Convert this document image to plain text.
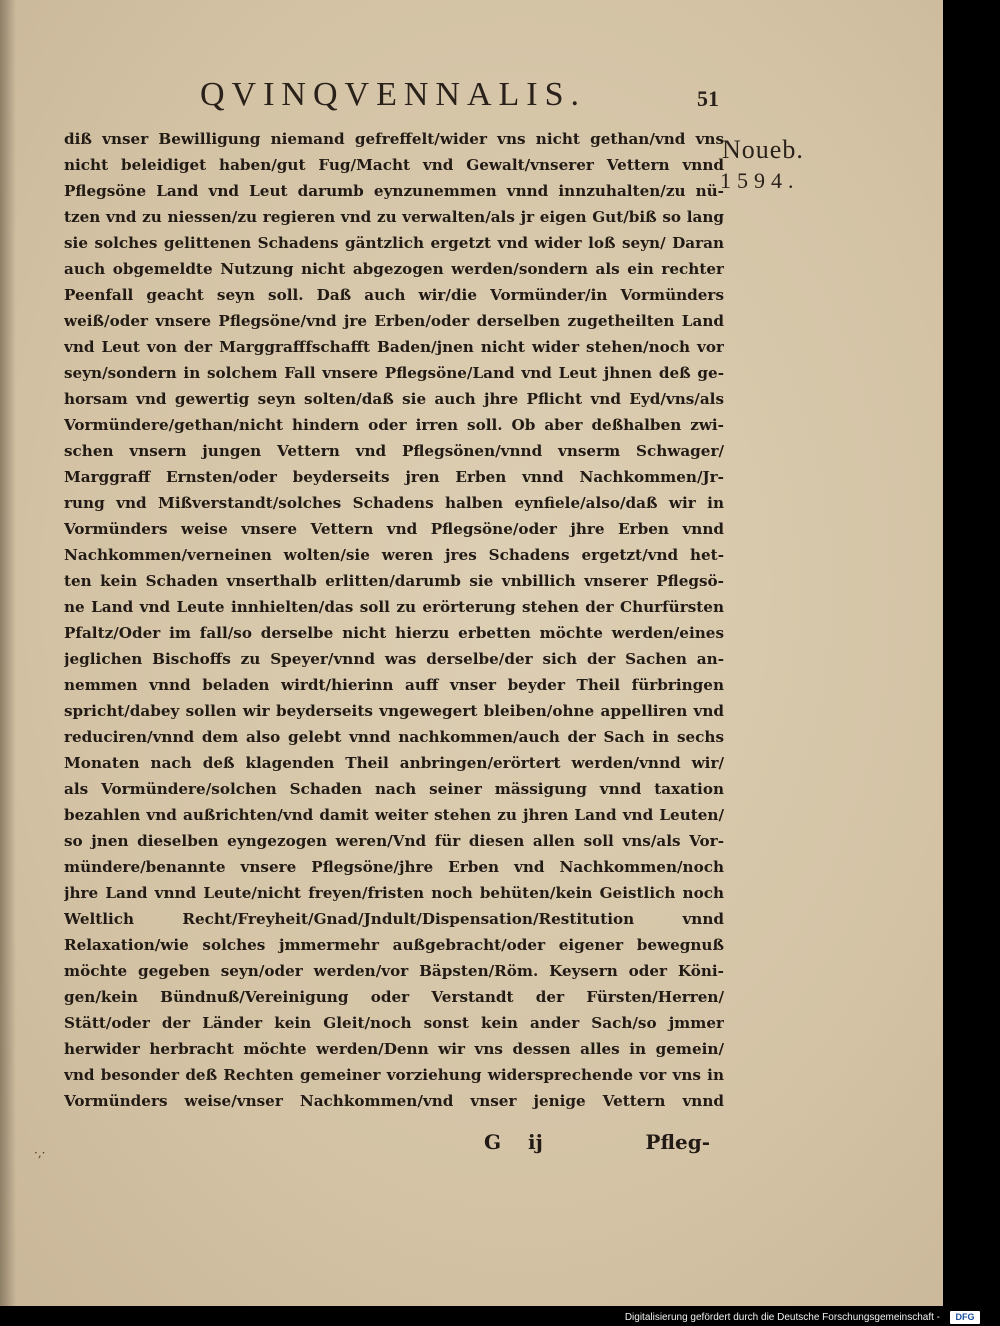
QVINQVENNALIS.	51
Noueb.
1594.
diß vnser Bewilligung niemand gefreffelt/wider vns nicht gethan/vnd vns
nicht beleidiget haben/gut Fug/Macht vnd Gewalt/vnserer Vettern vnnd
Pflegsöne Land vnd Leut darumb eynzunemmen vnnd innzuhalten/zu nü-
tzen vnd zu niessen/zu regieren vnd zu verwalten/als jr eigen Gut/biß so lang
sie solches gelittenen Schadens gäntzlich ergetzt vnd wider loß seyn/ Daran
auch obgemeldte Nutzung nicht abgezogen werden/sondern als ein rechter
Peenfall geacht seyn soll. Daß auch wir/die Vormünder/in Vormünders
weiß/oder vnsere Pflegsöne/vnd jre Erben/oder derselben zugetheilten Land
vnd Leut von der Marggrafffschafft Baden/jnen nicht wider stehen/noch vor
seyn/sondern in solchem Fall vnsere Pflegsöne/Land vnd Leut jhnen deß ge-
horsam vnd gewertig seyn solten/daß sie auch jhre Pflicht vnd Eyd/vns/als
Vormündere/gethan/nicht hindern oder irren soll. Ob aber deßhalben zwi-
schen vnsern jungen Vettern vnd Pflegsönen/vnnd vnserm Schwager/
Marggraff Ernsten/oder beyderseits jren Erben vnnd Nachkommen/Jr-
rung vnd Mißverstandt/solches Schadens halben eynfiele/also/daß wir in
Vormünders weise vnsere Vettern vnd Pflegsöne/oder jhre Erben vnnd
Nachkommen/verneinen wolten/sie weren jres Schadens ergetzt/vnd het-
ten kein Schaden vnserthalb erlitten/darumb sie vnbillich vnserer Pflegsö-
ne Land vnd Leute innhielten/das soll zu erörterung stehen der Churfürsten
Pfaltz/Oder im fall/so derselbe nicht hierzu erbetten möchte werden/eines
jeglichen Bischoffs zu Speyer/vnnd was derselbe/der sich der Sachen an-
nemmen vnnd beladen wirdt/hierinn auff vnser beyder Theil fürbringen
spricht/dabey sollen wir beyderseits vngewegert bleiben/ohne appelliren vnd
reduciren/vnnd dem also gelebt vnnd nachkommen/auch der Sach in sechs
Monaten nach deß klagenden Theil anbringen/erörtert werden/vnnd wir/
als Vormündere/solchen Schaden nach seiner mässigung vnnd taxation
bezahlen vnd außrichten/vnd damit weiter stehen zu jhren Land vnd Leuten/
so jnen dieselben eyngezogen weren/Vnd für diesen allen soll vns/als Vor-
mündere/benannte vnsere Pflegsöne/jhre Erben vnd Nachkommen/noch
jhre Land vnnd Leute/nicht freyen/fristen noch behüten/kein Geistlich noch
Weltlich Recht/Freyheit/Gnad/Jndult/Dispensation/Restitution vnnd
Relaxation/wie solches jmmermehr außgebracht/oder eigener bewegnuß
möchte gegeben seyn/oder werden/vor Bäpsten/Röm. Keysern oder Köni-
gen/kein Bündnuß/Vereinigung oder Verstandt der Fürsten/Herren/
Stätt/oder der Länder kein Gleit/noch sonst kein ander Sach/so jmmer
herwider herbracht möchte werden/Denn wir vns dessen alles in gemein/
vnd besonder deß Rechten gemeiner vorziehung widersprechende vor vns in
Vormünders weise/vnser Nachkommen/vnd vnser jenige Vettern vnnd
G ij	Pfleg-
·,·
Digitalisierung gefördert durch die Deutsche Forschungsgemeinschaft -	DFG
